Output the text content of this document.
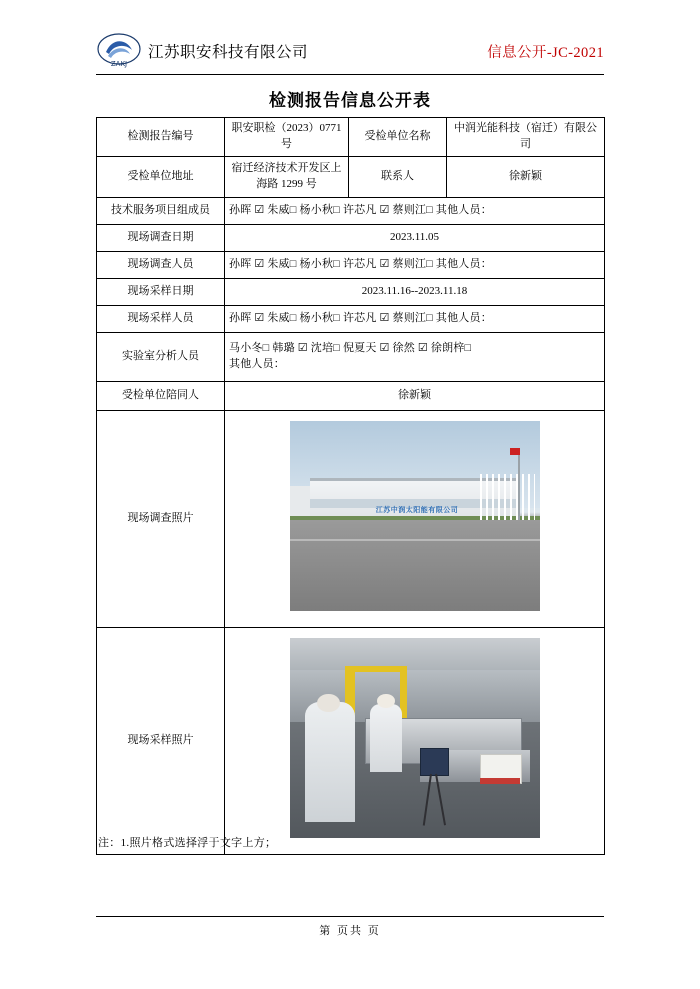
ZAKJ
江苏职安科技有限公司	信息公开-JC-2021
检测报告信息公开表
检测报告编号	职安职检（2023）0771 号	受检单位名称	中润光能科技（宿迁）有限公司
受检单位地址	宿迁经济技术开发区上海路 1299 号	联系人	徐新颖
技术服务项目组成员	孙晖 ☑ 朱威□ 杨小秋□ 许芯凡 ☑ 蔡则江□ 其他人员：		
现场调查日期	2023.11.05		
现场调查人员	孙晖 ☑ 朱威□ 杨小秋□ 许芯凡 ☑ 蔡则江□ 其他人员：		
现场采样日期	2023.11.16--2023.11.18		
现场采样人员	孙晖 ☑ 朱威□ 杨小秋□ 许芯凡 ☑ 蔡则江□ 其他人员：		
实验室分析人员	马小冬□ 韩璐 ☑ 沈培□ 倪夏天 ☑ 徐然 ☑ 徐朗梓□
其他人员：		

受检单位陪同人	徐新颖		
现场调查照片	江苏中润太阳能有限公司		

现场采样照片			
注：1.照片格式选择浮于文字上方；
第 页共 页
